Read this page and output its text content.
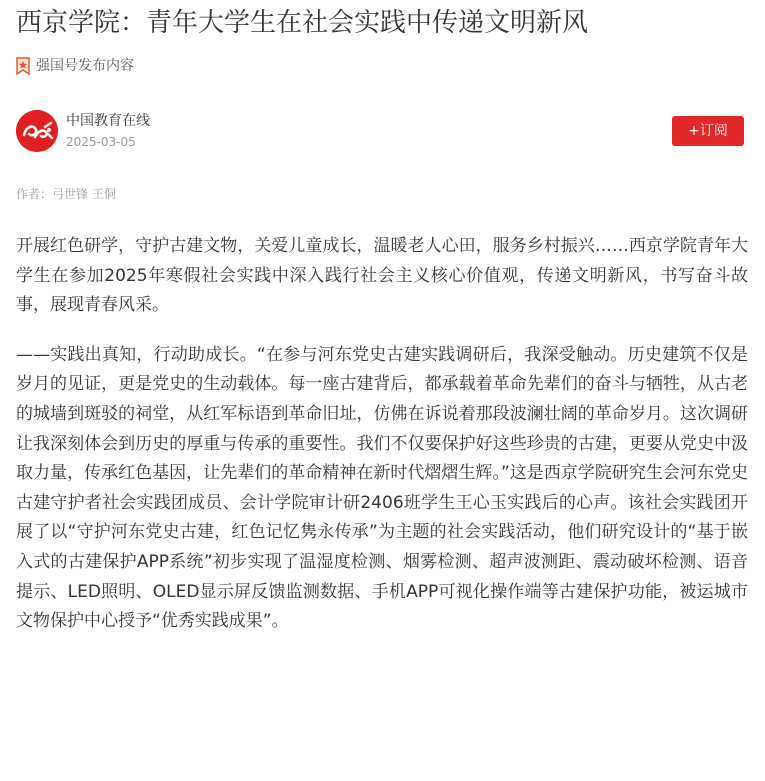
西京学院：青年大学生在社会实践中传递文明新风
强国号发布内容
中国教育在线
2025-03-05
+订阅
作者：弓世锋 王侗

开展红色研学，守护古建文物，关爱儿童成长，温暖老人心田，服务乡村振兴……西京学院青年大学生在参加2025年寒假社会实践中深入践行社会主义核心价值观，传递文明新风，书写奋斗故事，展现青春风采。

——实践出真知，行动助成长。“在参与河东党史古建实践调研后，我深受触动。历史建筑不仅是岁月的见证，更是党史的生动载体。每一座古建背后，都承载着革命先辈们的奋斗与牺牲，从古老的城墙到斑驳的祠堂，从红军标语到革命旧址，仿佛在诉说着那段波澜壮阔的革命岁月。这次调研让我深刻体会到历史的厚重与传承的重要性。我们不仅要保护好这些珍贵的古建，更要从党史中汲取力量，传承红色基因，让先辈们的革命精神在新时代熠熠生辉。”这是西京学院研究生会河东党史古建守护者社会实践团成员、会计学院审计研2406班学生王心玉实践后的心声。该社会实践团开展了以“守护河东党史古建，红色记忆隽永传承”为主题的社会实践活动，他们研究设计的“基于嵌入式的古建保护APP系统”初步实现了温湿度检测、烟雾检测、超声波测距、震动破坏检测、语音提示、LED照明、OLED显示屏反馈监测数据、手机APP可视化操作端等古建保护功能，被运城市文物保护中心授予“优秀实践成果”。
